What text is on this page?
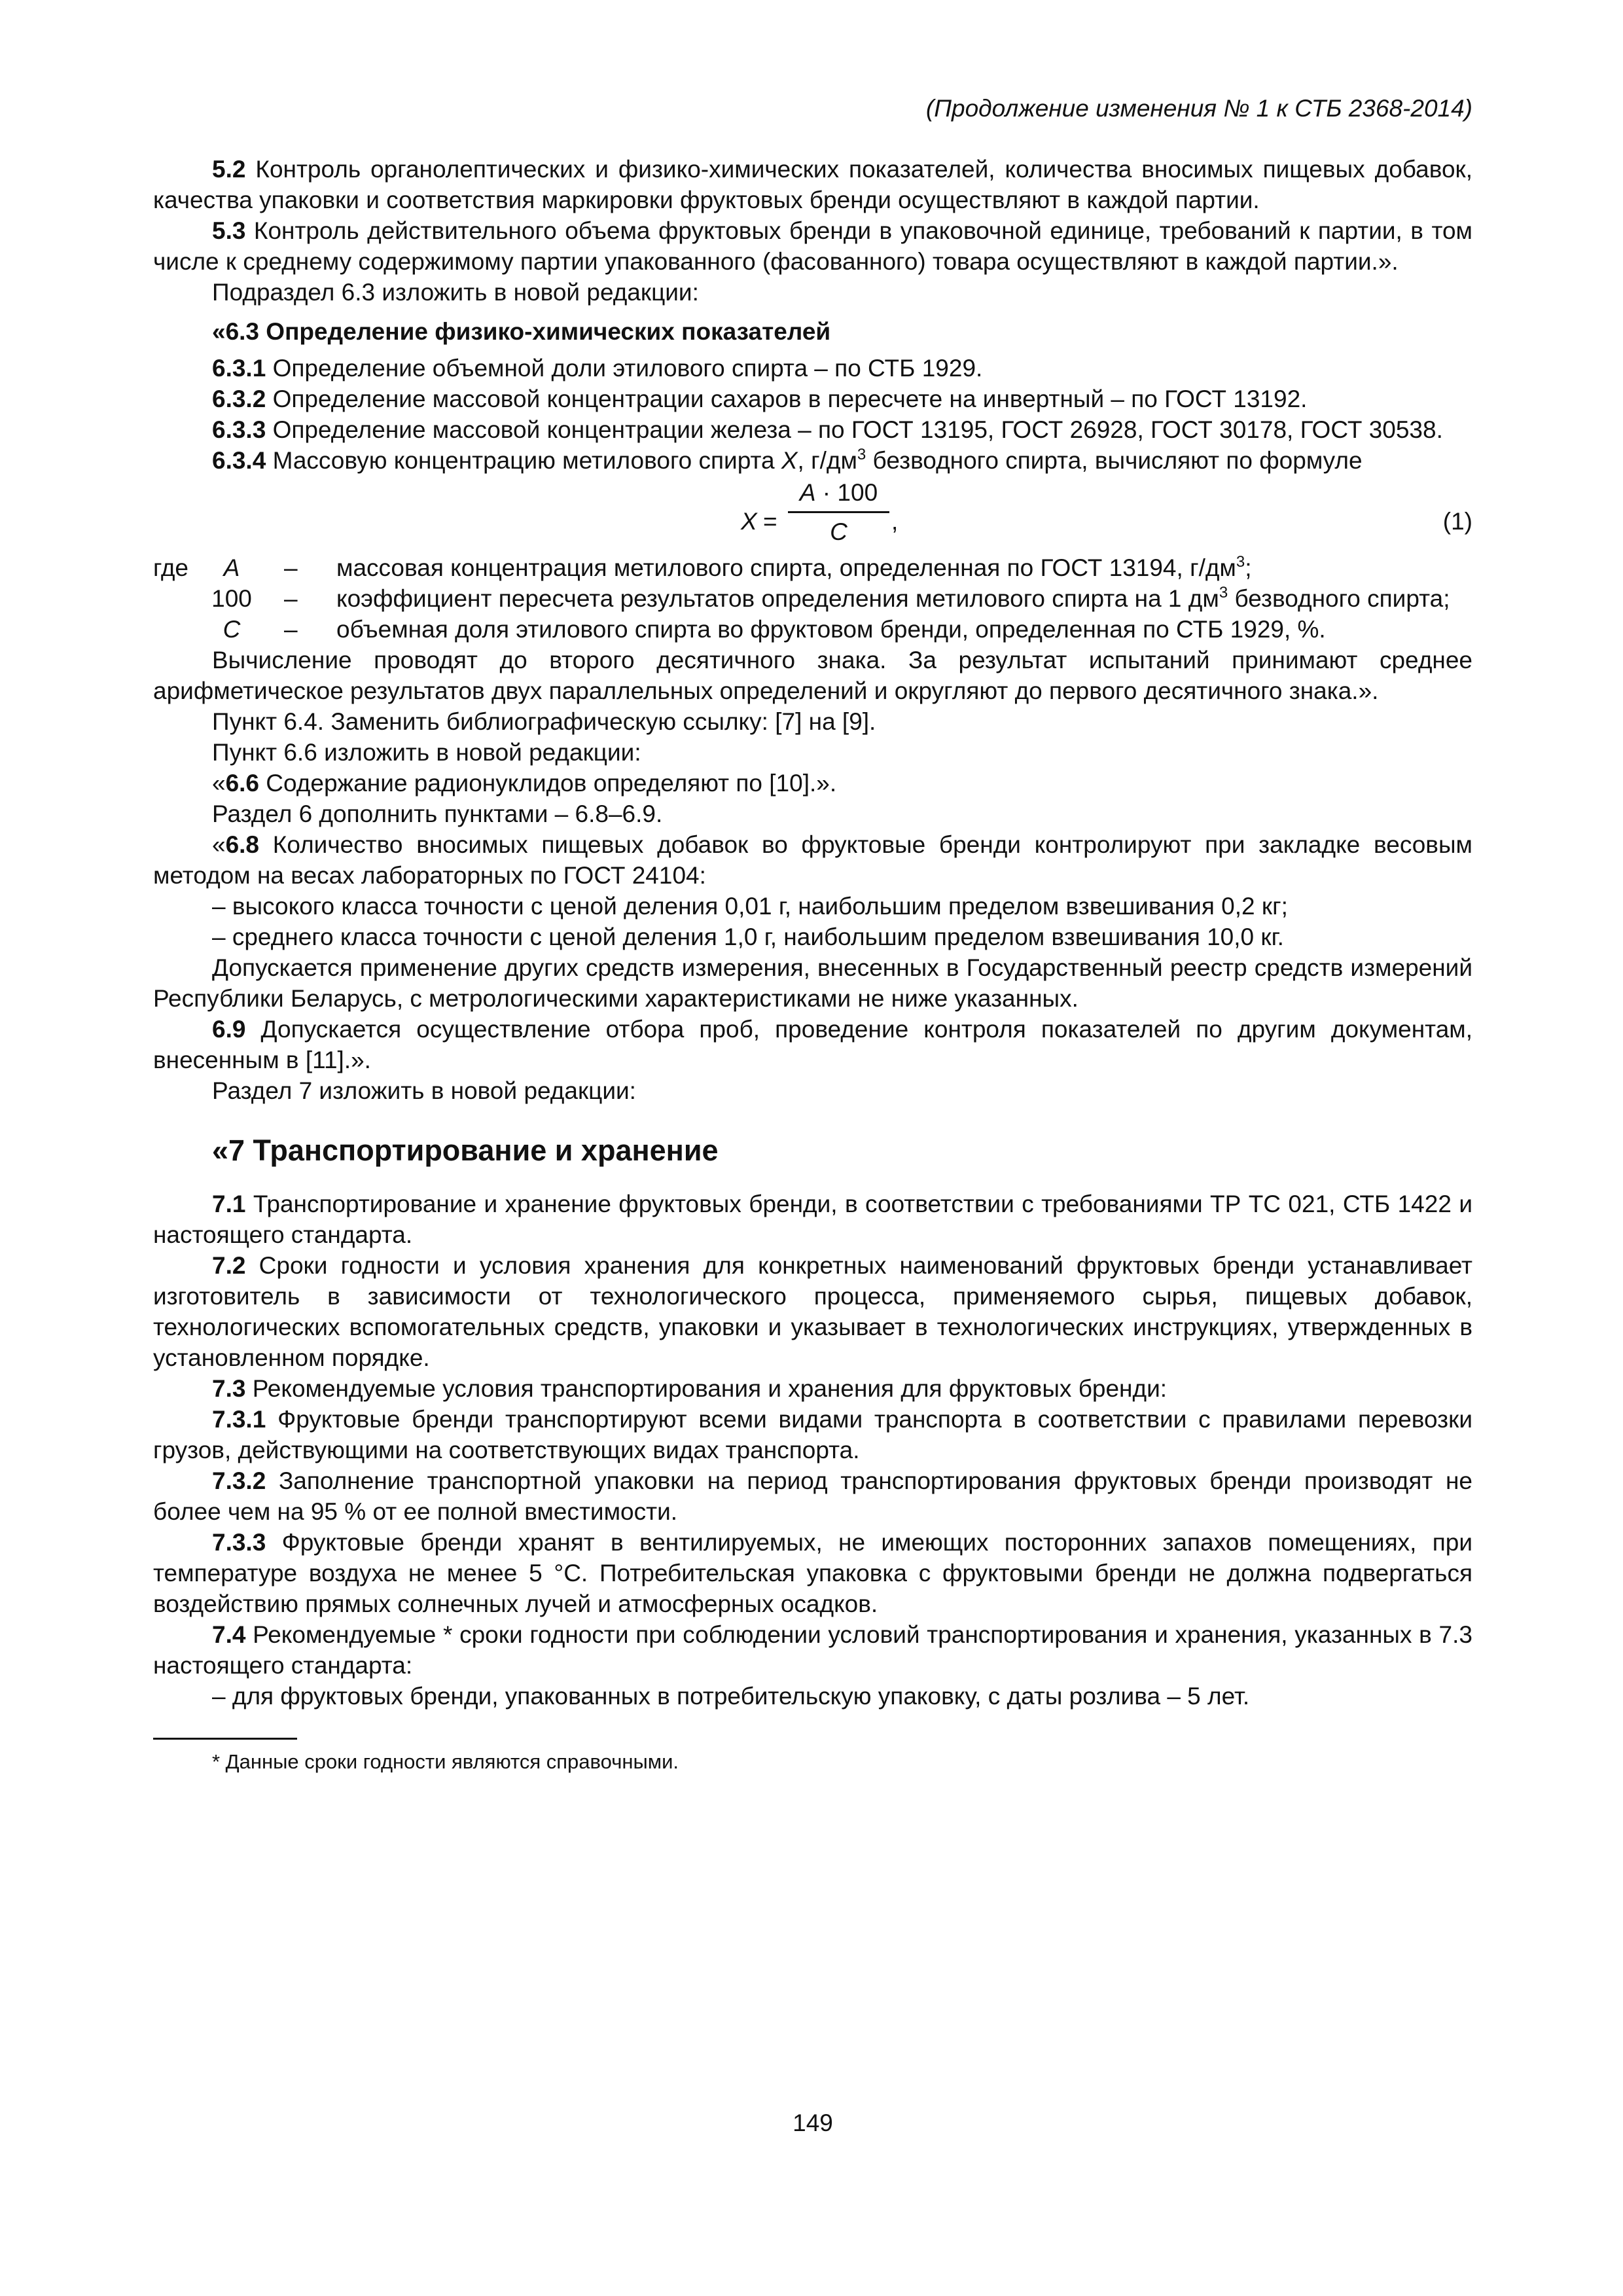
(Продолжение изменения № 1 к СТБ 2368-2014)

5.2 Контроль органолептических и физико-химических показателей, количества вносимых пищевых добавок, качества упаковки и соответствия маркировки фруктовых бренди осуществляют в каждой партии.

5.3 Контроль действительного объема фруктовых бренди в упаковочной единице, требований к партии, в том числе к среднему содержимому партии упакованного (фасованного) товара осуществляют в каждой партии.».

Подраздел 6.3 изложить в новой редакции:

«6.3 Определение физико-химических показателей

6.3.1 Определение объемной доли этилового спирта – по СТБ 1929.

6.3.2 Определение массовой концентрации сахаров в пересчете на инвертный – по ГОСТ 13192.

6.3.3 Определение массовой концентрации железа – по ГОСТ 13195, ГОСТ 26928, ГОСТ 30178, ГОСТ 30538.

6.3.4 Массовую концентрацию метилового спирта X, $г/дм^3$ безводного спирта, вычисляют по формуле

X =
A · 100
C	,	(1)
где	A	– массовая концентрация метилового спирта, определенная по ГОСТ 13194, $г/дм^3$;
100 – коэффициент пересчета результатов определения метилового спирта на 1 $дм^3$ безводного спирта;
C	– объемная доля этилового спирта во фруктовом бренди, определенная по СТБ 1929, %.

Вычисление проводят до второго десятичного знака. За результат испытаний принимают среднее арифметическое результатов двух параллельных определений и округляют до первого десятичного знака.».

Пункт 6.4. Заменить библиографическую ссылку: [7] на [9].

Пункт 6.6 изложить в новой редакции:

«6.6 Содержание радионуклидов определяют по [10].».

Раздел 6 дополнить пунктами – 6.8–6.9.

«6.8 Количество вносимых пищевых добавок во фруктовые бренди контролируют при закладке весовым методом на весах лабораторных по ГОСТ 24104:

– высокого класса точности с ценой деления 0,01 г, наибольшим пределом взвешивания 0,2 кг;

– среднего класса точности с ценой деления 1,0 г, наибольшим пределом взвешивания 10,0 кг.

Допускается применение других средств измерения, внесенных в Государственный реестр средств измерений Республики Беларусь, с метрологическими характеристиками не ниже указанных.

6.9 Допускается осуществление отбора проб, проведение контроля показателей по другим документам, внесенным в [11].».

Раздел 7 изложить в новой редакции:

«7 Транспортирование и хранение

7.1 Транспортирование и хранение фруктовых бренди, в соответствии с требованиями ТР ТС 021, СТБ 1422 и настоящего стандарта.

7.2 Сроки годности и условия хранения для конкретных наименований фруктовых бренди устанавливает изготовитель в зависимости от технологического процесса, применяемого сырья, пищевых добавок, технологических вспомогательных средств, упаковки и указывает в технологических инструкциях, утвержденных в установленном порядке.

7.3 Рекомендуемые условия транспортирования и хранения для фруктовых бренди:

7.3.1 Фруктовые бренди транспортируют всеми видами транспорта в соответствии с правилами перевозки грузов, действующими на соответствующих видах транспорта.

7.3.2 Заполнение транспортной упаковки на период транспортирования фруктовых бренди производят не более чем на 95 % от ее полной вместимости.

7.3.3 Фруктовые бренди хранят в вентилируемых, не имеющих посторонних запахов помещениях, при температуре воздуха не менее 5 °С. Потребительская упаковка с фруктовыми бренди не должна подвергаться воздействию прямых солнечных лучей и атмосферных осадков.

7.4 Рекомендуемые * сроки годности при соблюдении условий транспортирования и хранения, указанных в 7.3 настоящего стандарта:

– для фруктовых бренди, упакованных в потребительскую упаковку, с даты розлива – 5 лет.

* Данные сроки годности являются справочными.
149
